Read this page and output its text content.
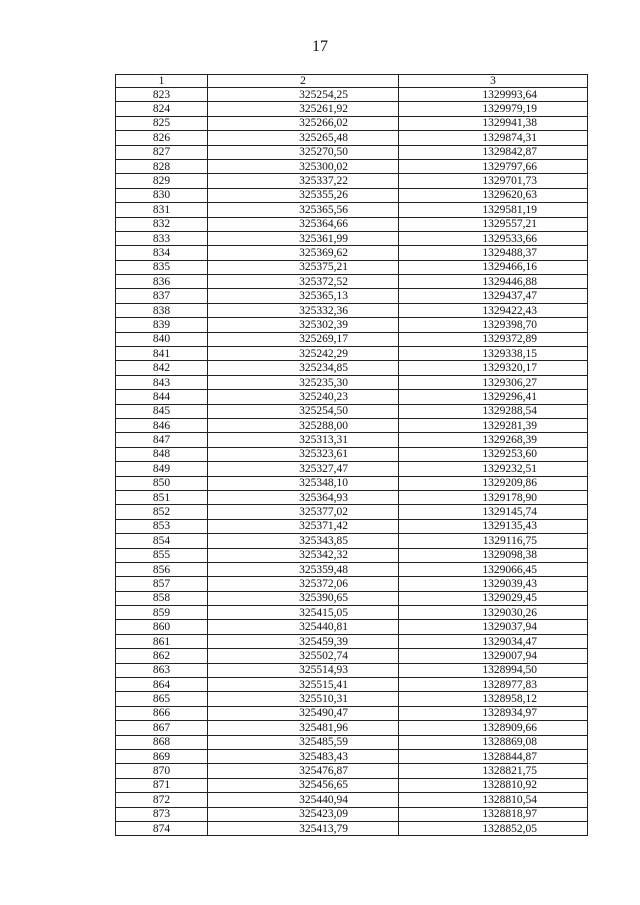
17
1	2	3
823	325254,25	1329993,64
824	325261,92	1329979,19
825	325266,02	1329941,38
826	325265,48	1329874,31
827	325270,50	1329842,87
828	325300,02	1329797,66
829	325337,22	1329701,73
830	325355,26	1329620,63
831	325365,56	1329581,19
832	325364,66	1329557,21
833	325361,99	1329533,66
834	325369,62	1329488,37
835	325375,21	1329466,16
836	325372,52	1329446,88
837	325365,13	1329437,47
838	325332,36	1329422,43
839	325302,39	1329398,70
840	325269,17	1329372,89
841	325242,29	1329338,15
842	325234,85	1329320,17
843	325235,30	1329306,27
844	325240,23	1329296,41
845	325254,50	1329288,54
846	325288,00	1329281,39
847	325313,31	1329268,39
848	325323,61	1329253,60
849	325327,47	1329232,51
850	325348,10	1329209,86
851	325364,93	1329178,90
852	325377,02	1329145,74
853	325371,42	1329135,43
854	325343,85	1329116,75
855	325342,32	1329098,38
856	325359,48	1329066,45
857	325372,06	1329039,43
858	325390,65	1329029,45
859	325415,05	1329030,26
860	325440,81	1329037,94
861	325459,39	1329034,47
862	325502,74	1329007,94
863	325514,93	1328994,50
864	325515,41	1328977,83
865	325510,31	1328958,12
866	325490,47	1328934,97
867	325481,96	1328909,66
868	325485,59	1328869,08
869	325483,43	1328844,87
870	325476,87	1328821,75
871	325456,65	1328810,92
872	325440,94	1328810,54
873	325423,09	1328818,97
874	325413,79	1328852,05
